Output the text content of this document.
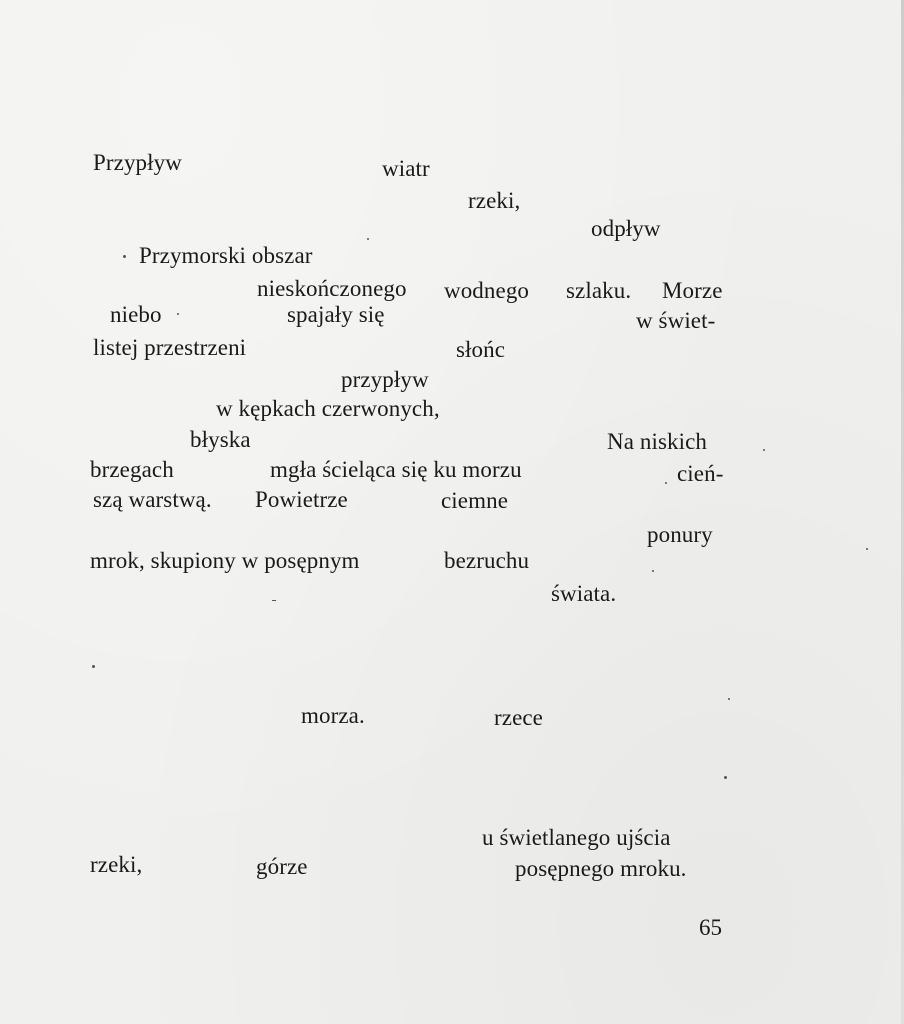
Przypływ	wiatr
rzeki,
odpływ
Przymorski obszar
nieskończonego wodnego szlaku. Morze
niebo	spajały się	w świet-
listej przestrzeni	słońc
przypływ
w kępkach czerwonych,
błyska	Na niskich
brzegach	mgła ścieląca się ku morzu	cień-
szą warstwą. Powietrze	ciemne
ponury
mrok, skupiony w posępnym	bezruchu
świata.
morza.	rzece
u świetlanego ujścia
rzeki,	górze	posępnego mroku.
65
